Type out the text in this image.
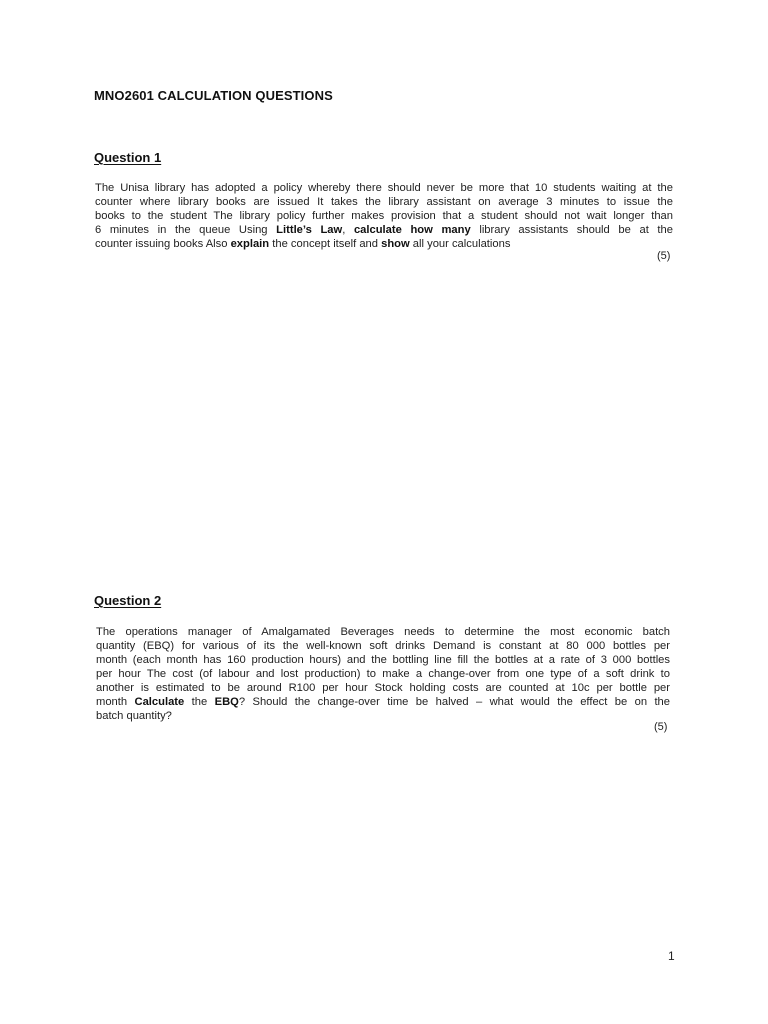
MNO2601 CALCULATION QUESTIONS
Question 1
The Unisa library has adopted a policy whereby there should never be more that 10 students waiting at the
counter where library books are issued It takes the library assistant on average 3 minutes to issue the
books to the student The library policy further makes provision that a student should not wait longer than
6 minutes in the queue Using Little’s Law, calculate how many library assistants should be at the
counter issuing books Also explain the concept itself and show all your calculations
(5)
Question 2
The operations manager of Amalgamated Beverages needs to determine the most economic batch
quantity (EBQ) for various of its the well-known soft drinks Demand is constant at 80 000 bottles per
month (each month has 160 production hours) and the bottling line fill the bottles at a rate of 3 000 bottles
per hour The cost (of labour and lost production) to make a change-over from one type of a soft drink to
another is estimated to be around R100 per hour Stock holding costs are counted at 10c per bottle per
month Calculate the EBQ? Should the change-over time be halved – what would the effect be on the
batch quantity?
(5)
1
